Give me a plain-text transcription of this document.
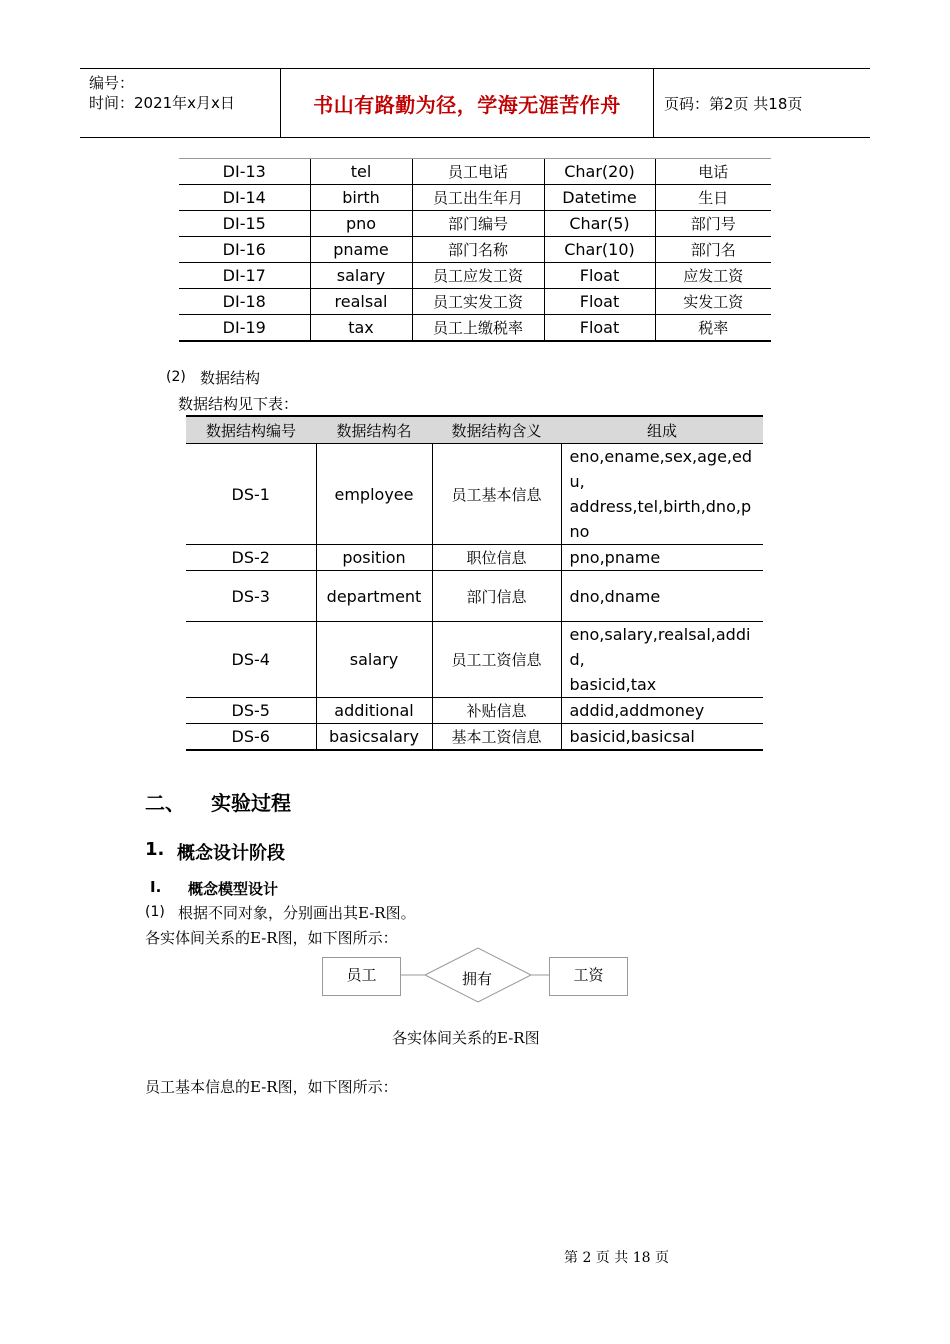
编号：
时间：2021年x月x日	书山有路勤为径，学海无涯苦作舟	页码：第2页 共18页
DI-13	tel	员工电话	Char(20)	电话
DI-14	birth	员工出生年月	Datetime	生日
DI-15	pno	部门编号	Char(5)	部门号
DI-16	pname	部门名称	Char(10)	部门名
DI-17	salary	员工应发工资	Float	应发工资
DI-18	realsal	员工实发工资	Float	实发工资
DI-19	tax	员工上缴税率	Float	税率
(2) 数据结构
数据结构见下表：
数据结构编号	数据结构名	数据结构含义	组成
DS-1	employee	员工基本信息	eno,ename,sex,age,edu,
address,tel,birth,dno,pno
DS-2	position	职位信息	pno,pname
DS-3	department	部门信息	dno,dname
DS-4	salary	员工工资信息	eno,salary,realsal,addid,
basicid,tax
DS-5	additional	补贴信息	addid,addmoney
DS-6	basicsalary	基本工资信息	basicid,basicsal
二、 实验过程
1. 概念设计阶段
I. 概念模型设计
(1) 根据不同对象，分别画出其E-R图。
各实体间关系的E-R图，如下图所示：
员工	拥有	工资
各实体间关系的E-R图
员工基本信息的E-R图，如下图所示：
第 2 页 共 18 页
